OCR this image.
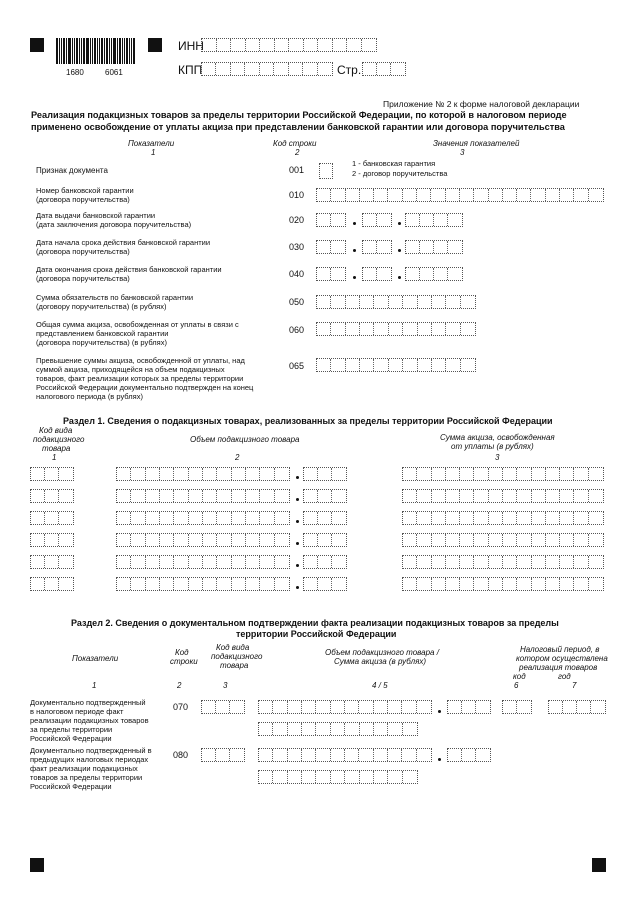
1680	6061
ИНН
КПП	Стр.
Приложение № 2 к форме налоговой декларации
Реализация подакцизных товаров за пределы территории Российской Федерации, по которой в налоговом периоде
применено освобождение от уплаты акциза при представлении банковской гарантии или договора поручительства
Показатели	Код строки	Значения показателей
1	2	3
Признак документа	001
1 - банковская гарантия
2 - договор поручительства
Номер банковской гарантии
(договора поручительства)	010
Дата выдачи банковской гарантии
(дата заключения договора поручительства)	020
Дата начала срока действия банковской гарантии
(договора поручительства)	030
Дата окончания срока действия банковской гарантии
(договора поручительства)	040
Сумма обязательств по банковской гарантии
(договору поручительства) (в рублях)	050
Общая сумма акциза, освобожденная от уплаты в связи с
представлением банковской гарантии
(договора поручительства) (в рублях)
060
Превышение суммы акциза, освобожденной от уплаты, над
суммой акциза, приходящейся на объем подакцизных
товаров, факт реализации которых за пределы территории
Российской Федерации документально подтвержден на конец
налогового периода (в рублях)
065
Раздел 1. Сведения о подакцизных товарах, реализованных за пределы территории Российской Федерации
Код вида
подакцизного
товара
1
Объем подакцизного товара
2
Сумма акциза, освобожденная
от уплаты (в рублях)
3
Раздел 2. Сведения о документальном подтверждении факта реализации подакцизных товаров за пределы
территории Российской Федерации
Показатели
Код
строки
Код вида
подакцизного
товара
Объем подакцизного товара /
Сумма акциза (в рублях)
Налоговый период, в
котором осуществлена
реализация товаров
код	год
1	2	3	4 / 5	6	7
Документально подтвержденный
в налоговом периоде факт
реализации подакцизных товаров
за пределы территории
Российской Федерации
070
Документально подтвержденный в
предыдущих налоговых периодах
факт реализации подакцизных
товаров за пределы территории
Российской Федерации
080
